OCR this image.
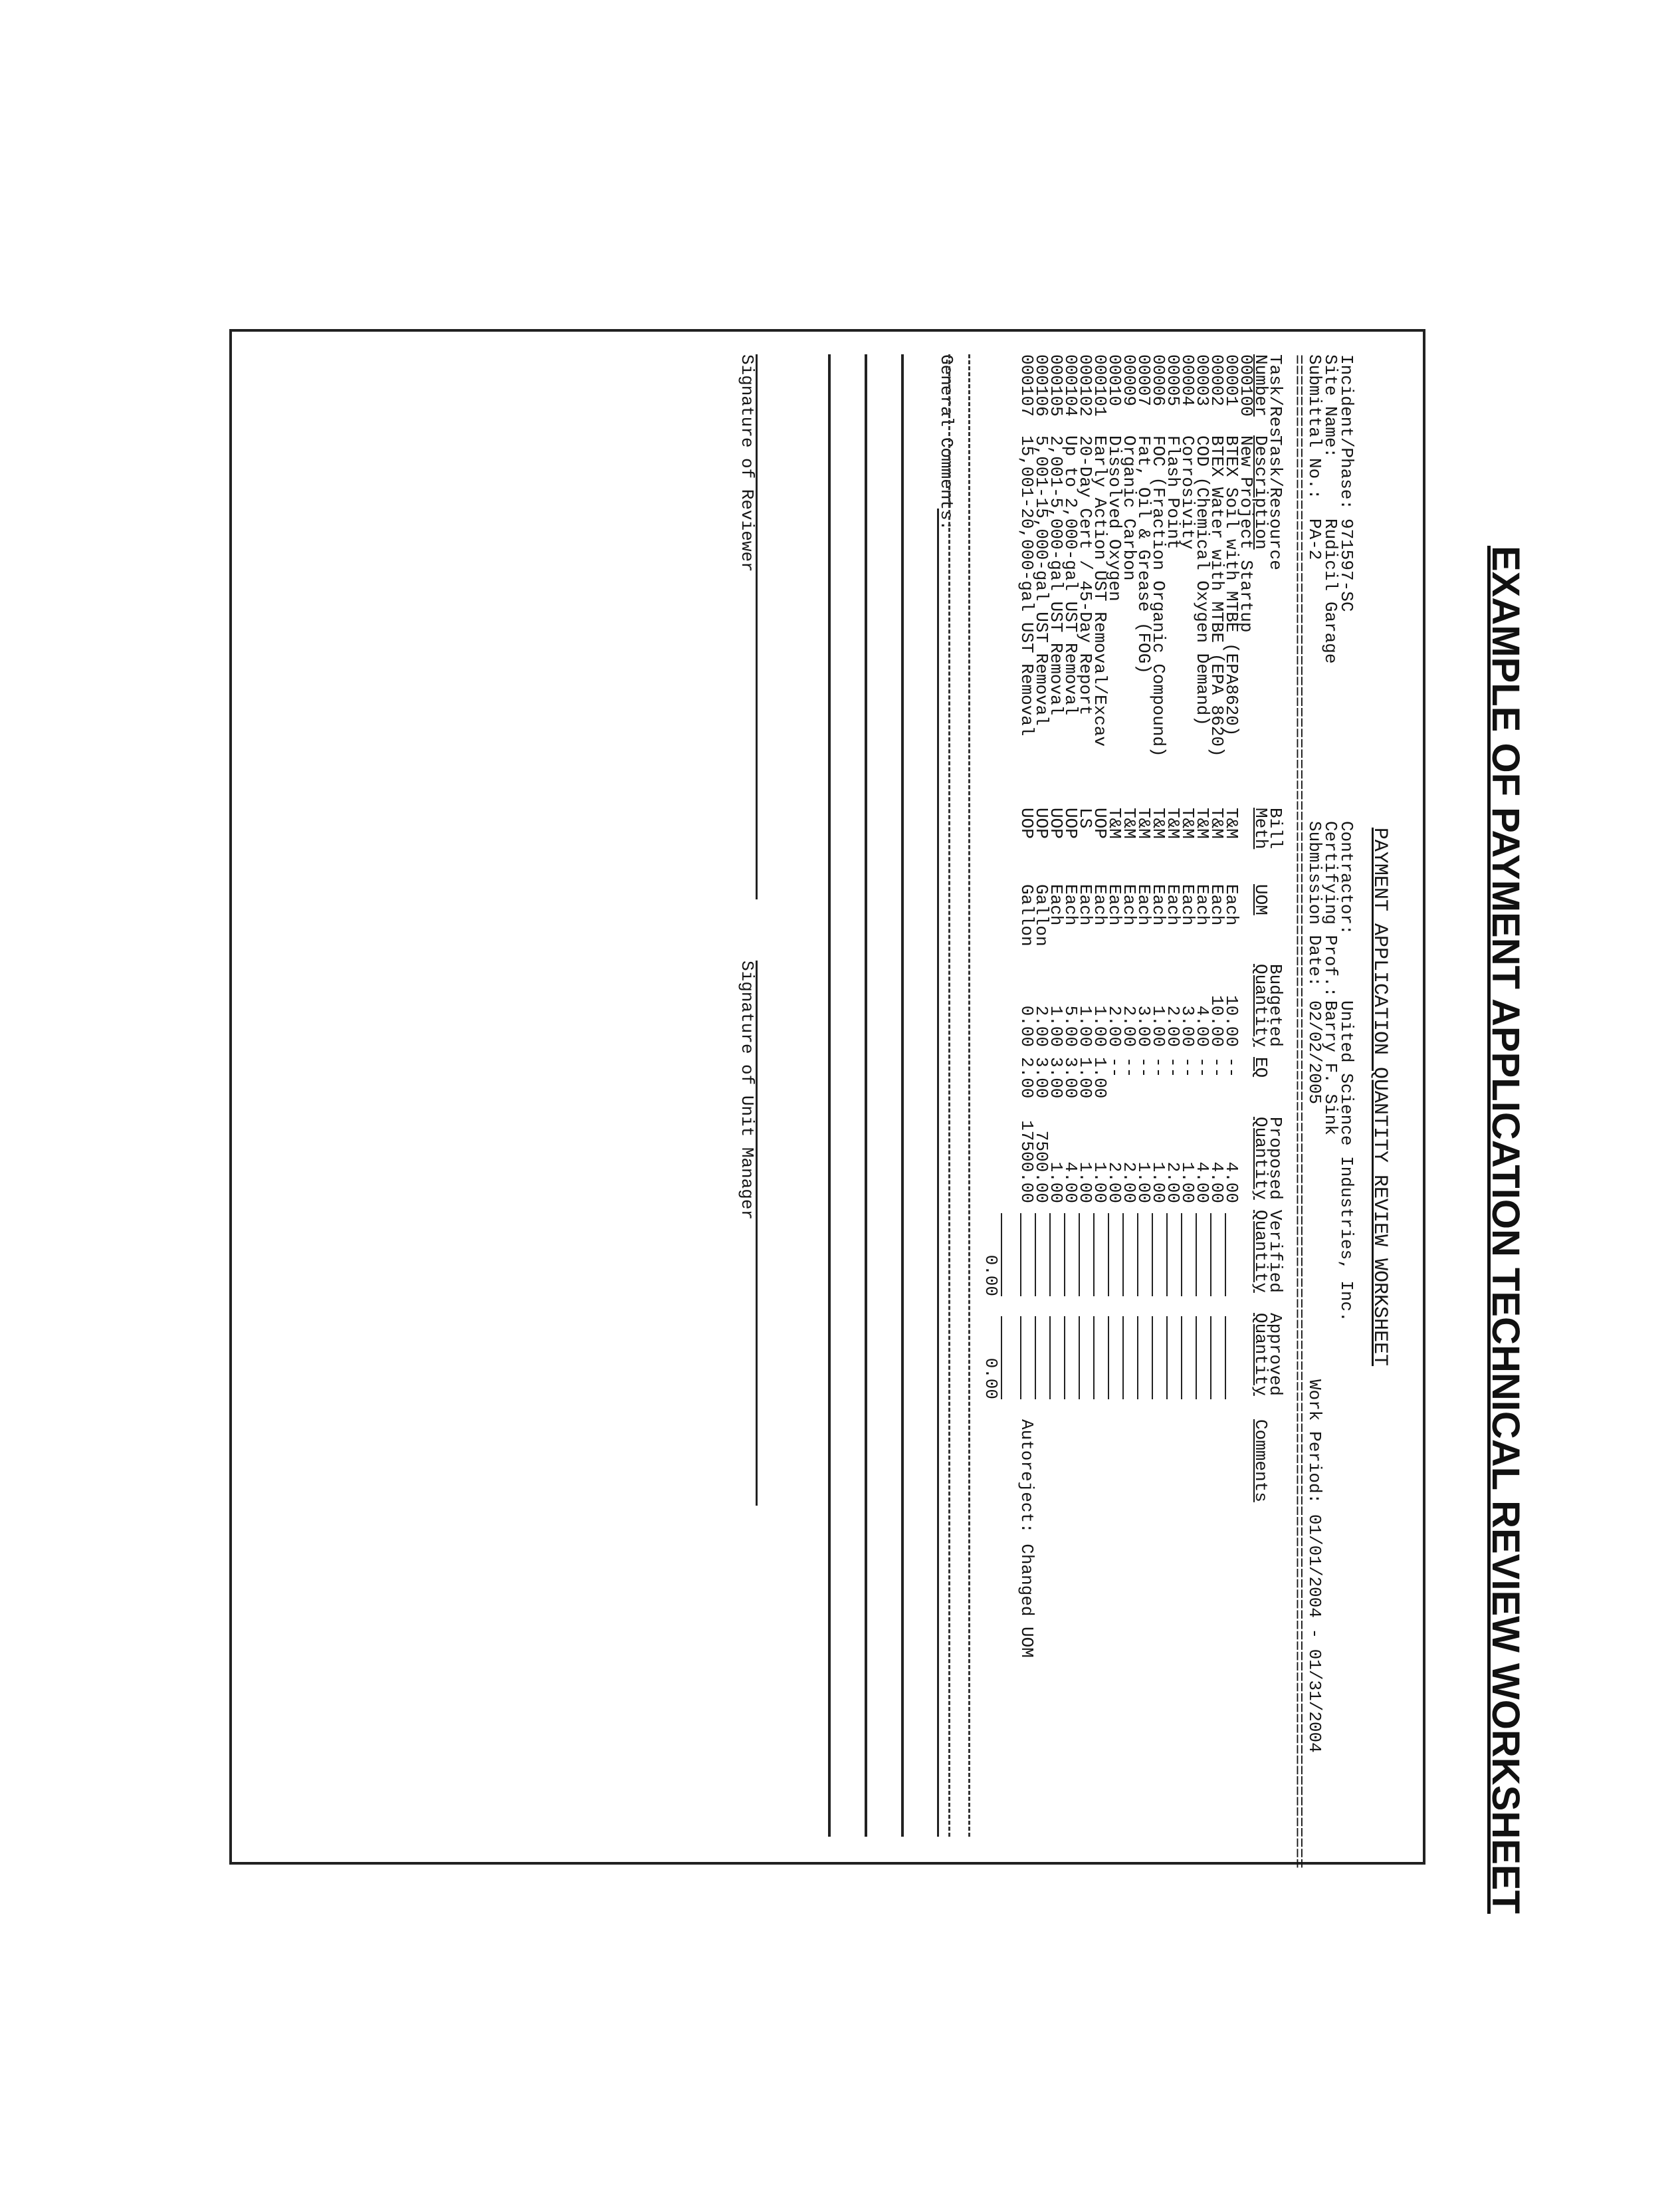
EXAMPLE OF PAYMENT APPLICATION TECHNICAL REVIEW WORKSHEET
PAYMENT APPLICATION QUANTITY REVIEW WORKSHEET
Incident/Phase:
971597-SC
Site Name:
Rudicil Garage
Submittal No.:
PA-2
Contractor:
United Science Industries, Inc.
Certifying Prof.:
Barry F. Sink
Submission Date:
02/02/2005
Work Period: 01/01/2004 - 01/31/2004
==================================================================================================================================================
Task/Res
Task/Resource
Bill
Budgeted
Proposed
Verified
Approved
Number
Description
Meth
UOM
Quantity
EQ
Quantity
Quantity
Quantity
Comments
000100
New Project Startup
00001
BTEX Soil with MTBE (EPA8620)
T&M
Each
10.00
--
4.00
00002
BTEX Water with MTBE (EPA 8620)
T&M
Each
10.00
--
4.00
00003
COD (Chemical Oxygen Demand)
T&M
Each
4.00
--
4.00
00004
Corrosivity
T&M
Each
3.00
--
1.00
00005
Flash Point
T&M
Each
2.00
--
2.00
00006
FOC (Fraction Organic Compound)
T&M
Each
1.00
--
1.00
00007
Fat, Oil & Grease (FOG)
T&M
Each
3.00
--
1.00
00009
Organic Carbon
T&M
Each
2.00
--
2.00
00010
Dissolved Oxygen
T&M
Each
2.00
--
2.00
000101
Early Action UST Removal/Excav
UOP
Each
1.00
1.00
1.00
000102
20-Day Cert / 45-Day Report
LS
Each
1.00
1.00
1.00
000104
Up to 2,000-gal UST Removal
UOP
Each
5.00
3.00
4.00
000105
2,001-5,000-gal UST Removal
UOP
Each
1.00
3.00
1.00
000106
5,001-15,000-gal UST Removal
UOP
Gallon
2.00
3.00
7500.00
000107
15,001-20,000-gal UST Removal
UOP
Gallon
0.00
2.00
17500.00
Autoreject: Changed UOM
0.00
0.00
General Comments:
Signature of Reviewer
Signature of Unit Manager
